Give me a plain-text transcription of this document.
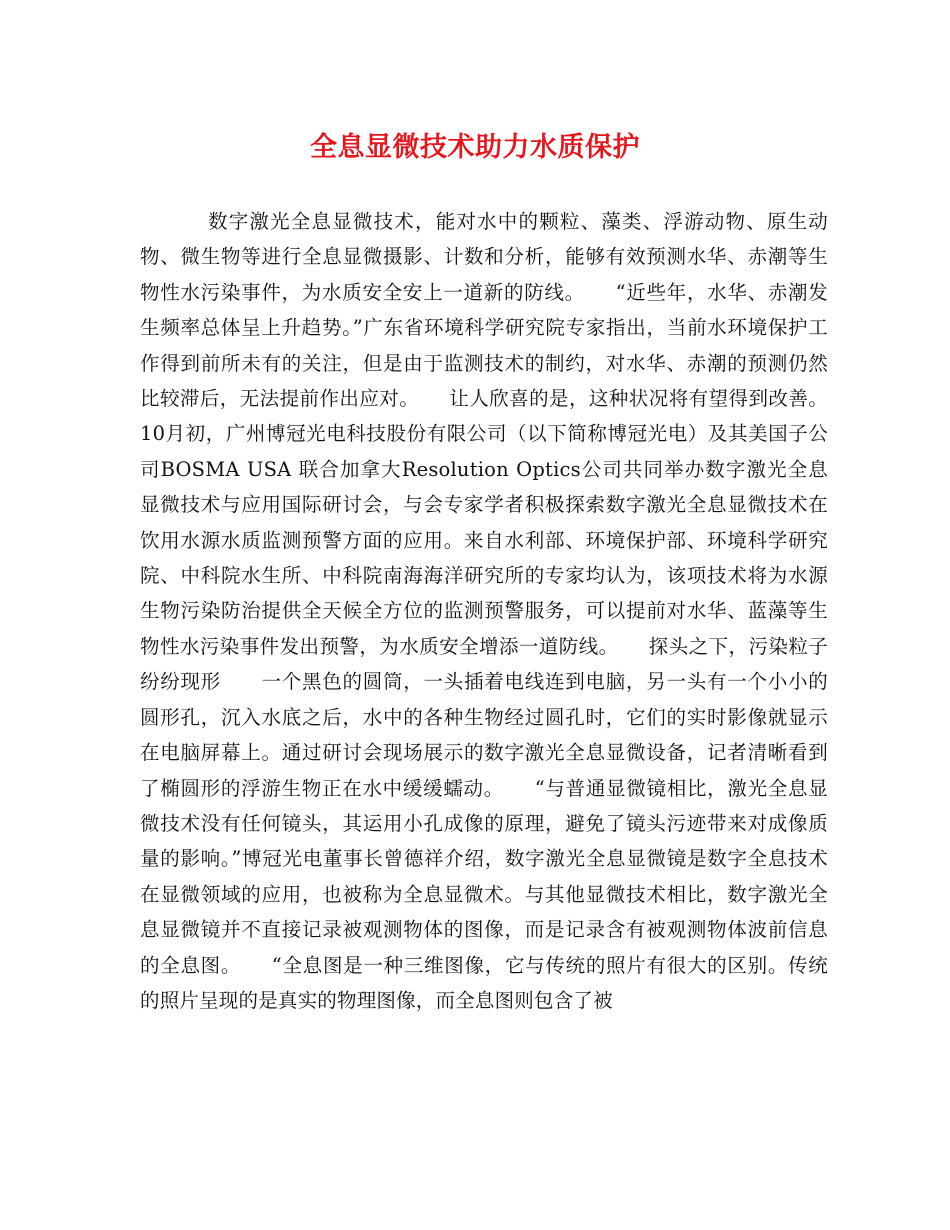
全息显微技术助力水质保护
数字激光全息显微技术，能对水中的颗粒、藻类、浮游动物、原生动物、微生物等进行全息显微摄影、计数和分析，能够有效预测水华、赤潮等生物性水污染事件，为水质安全安上一道新的防线。　　“近些年，水华、赤潮发生频率总体呈上升趋势。”广东省环境科学研究院专家指出，当前水环境保护工作得到前所未有的关注，但是由于监测技术的制约，对水华、赤潮的预测仍然比较滞后，无法提前作出应对。　　让人欣喜的是，这种状况将有望得到改善。10月初，广州博冠光电科技股份有限公司（以下简称博冠光电）及其美国子公司BOSMA USA 联合加拿大Resolution Optics公司共同举办数字激光全息显微技术与应用国际研讨会，与会专家学者积极探索数字激光全息显微技术在饮用水源水质监测预警方面的应用。来自水利部、环境保护部、环境科学研究院、中科院水生所、中科院南海海洋研究所的专家均认为，该项技术将为水源生物污染防治提供全天候全方位的监测预警服务，可以提前对水华、蓝藻等生物性水污染事件发出预警，为水质安全增添一道防线。　　探头之下，污染粒子纷纷现形　　一个黑色的圆筒，一头插着电线连到电脑，另一头有一个小小的圆形孔，沉入水底之后，水中的各种生物经过圆孔时，它们的实时影像就显示在电脑屏幕上。通过研讨会现场展示的数字激光全息显微设备，记者清晰看到了椭圆形的浮游生物正在水中缓缓蠕动。　　“与普通显微镜相比，激光全息显微技术没有任何镜头，其运用小孔成像的原理，避免了镜头污迹带来对成像质量的影响。”博冠光电董事长曾德祥介绍，数字激光全息显微镜是数字全息技术在显微领域的应用，也被称为全息显微术。与其他显微技术相比，数字激光全息显微镜并不直接记录被观测物体的图像，而是记录含有被观测物体波前信息的全息图。　　“全息图是一种三维图像，它与传统的照片有很大的区别。传统的照片呈现的是真实的物理图像，而全息图则包含了被
